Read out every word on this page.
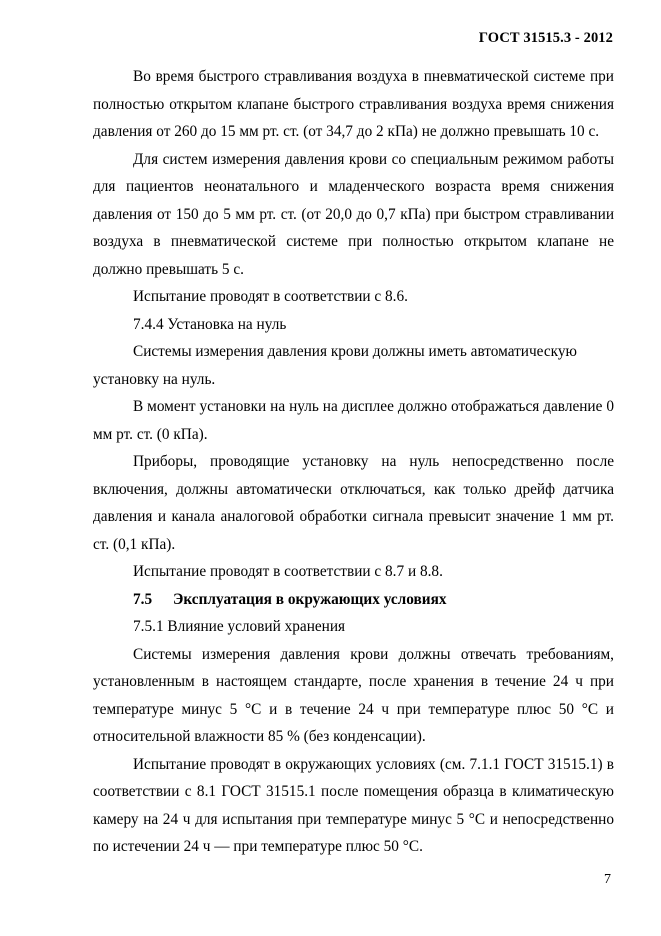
ГОСТ 31515.3 - 2012

Во время быстрого стравливания воздуха в пневматической системе при полностью открытом клапане быстрого стравливания воздуха время снижения давления от 260 до 15 мм рт. ст. (от 34,7 до 2 кПа) не должно превышать 10 с.

Для систем измерения давления крови со специальным режимом работы для пациентов неонатального и младенческого возраста время снижения давления от 150 до 5 мм рт. ст. (от 20,0 до 0,7 кПа) при быстром стравливании воздуха в пневматической системе при полностью открытом клапане не должно превышать 5 с.

Испытание проводят в соответствии с 8.6.

7.4.4 Установка на нуль

Системы измерения давления крови должны иметь автоматическую установку на нуль.

В момент установки на нуль на дисплее должно отображаться давление 0 мм рт. ст. (0 кПа).

Приборы, проводящие установку на нуль непосредственно после включения, должны автоматически отключаться, как только дрейф датчика давления и канала аналоговой обработки сигнала превысит значение 1 мм рт. ст. (0,1 кПа).

Испытание проводят в соответствии с 8.7 и 8.8.

7.5 Эксплуатация в окружающих условиях

7.5.1 Влияние условий хранения

Системы измерения давления крови должны отвечать требованиям, установленным в настоящем стандарте, после хранения в течение 24 ч при температуре минус 5 °С и в течение 24 ч при температуре плюс 50 °С и относительной влажности 85 % (без конденсации).

Испытание проводят в окружающих условиях (см. 7.1.1 ГОСТ 31515.1) в соответствии с 8.1 ГОСТ 31515.1 после помещения образца в климатическую камеру на 24 ч для испытания при температуре минус 5 °С и непосредственно по истечении 24 ч — при температуре плюс 50 °С.

7
